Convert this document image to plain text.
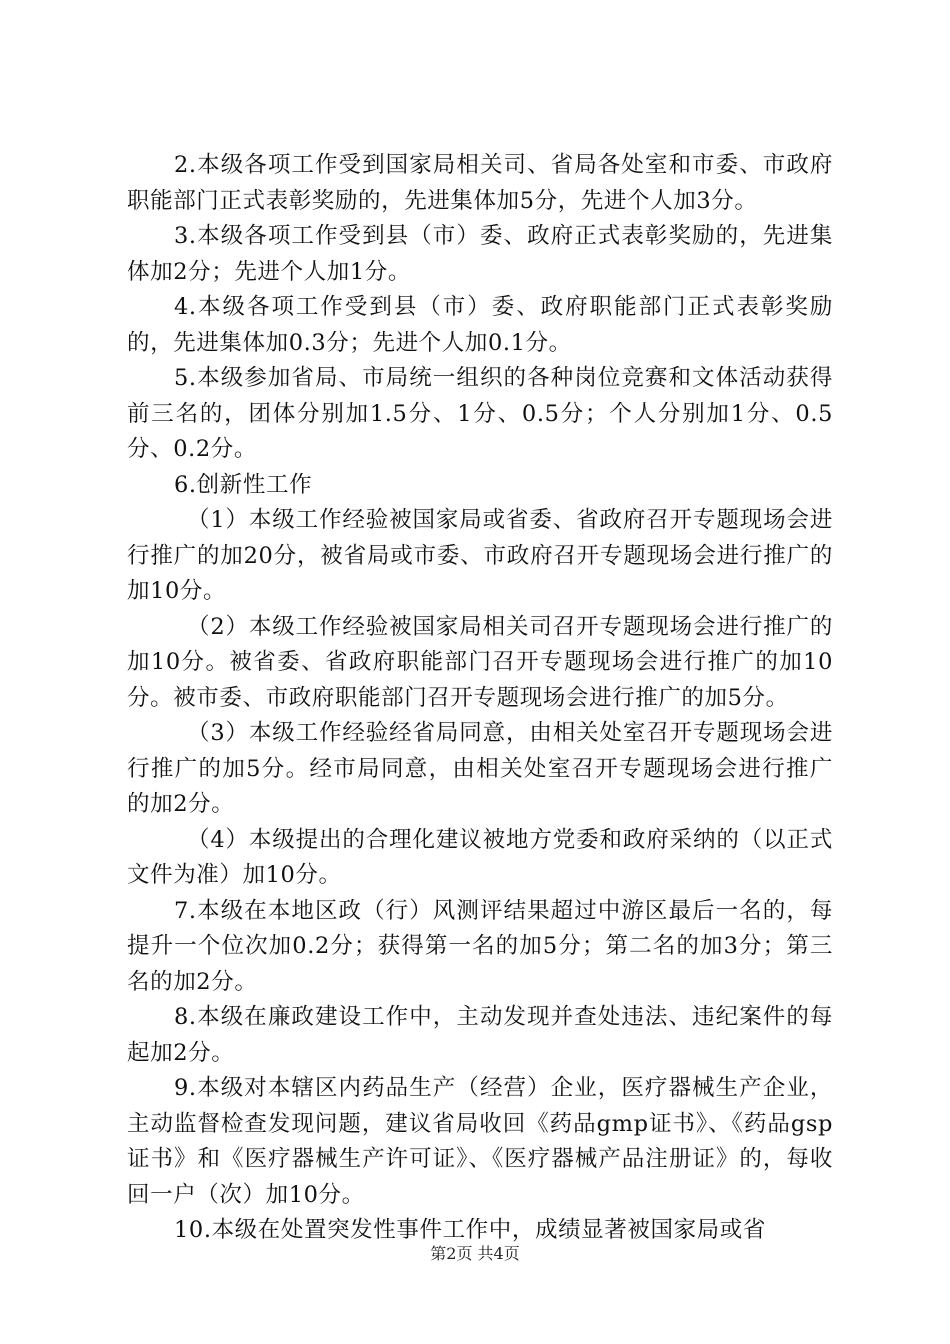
2.本级各项工作受到国家局相关司、省局各处室和市委、市政府职能部门正式表彰奖励的，先进集体加5分，先进个人加3分。

3.本级各项工作受到县（市）委、政府正式表彰奖励的，先进集体加2分；先进个人加1分。

4.本级各项工作受到县（市）委、政府职能部门正式表彰奖励的，先进集体加0.3分；先进个人加0.1分。

5.本级参加省局、市局统一组织的各种岗位竞赛和文体活动获得前三名的，团体分别加1.5分、1分、0.5分；个人分别加1分、0.5分、0.2分。

6.创新性工作

（1）本级工作经验被国家局或省委、省政府召开专题现场会进行推广的加20分，被省局或市委、市政府召开专题现场会进行推广的加10分。

（2）本级工作经验被国家局相关司召开专题现场会进行推广的加10分。被省委、省政府职能部门召开专题现场会进行推广的加10分。被市委、市政府职能部门召开专题现场会进行推广的加5分。

（3）本级工作经验经省局同意，由相关处室召开专题现场会进行推广的加5分。经市局同意，由相关处室召开专题现场会进行推广的加2分。

（4）本级提出的合理化建议被地方党委和政府采纳的（以正式文件为准）加10分。

7.本级在本地区政（行）风测评结果超过中游区最后一名的，每提升一个位次加0.2分；获得第一名的加5分；第二名的加3分；第三名的加2分。

8.本级在廉政建设工作中，主动发现并查处违法、违纪案件的每起加2分。

9.本级对本辖区内药品生产（经营）企业，医疗器械生产企业，主动监督检查发现问题，建议省局收回《药品gmp证书》、《药品gsp证书》和《医疗器械生产许可证》、《医疗器械产品注册证》的，每收回一户（次）加10分。

10.本级在处置突发性事件工作中，成绩显著被国家局或省

第2页 共4页
